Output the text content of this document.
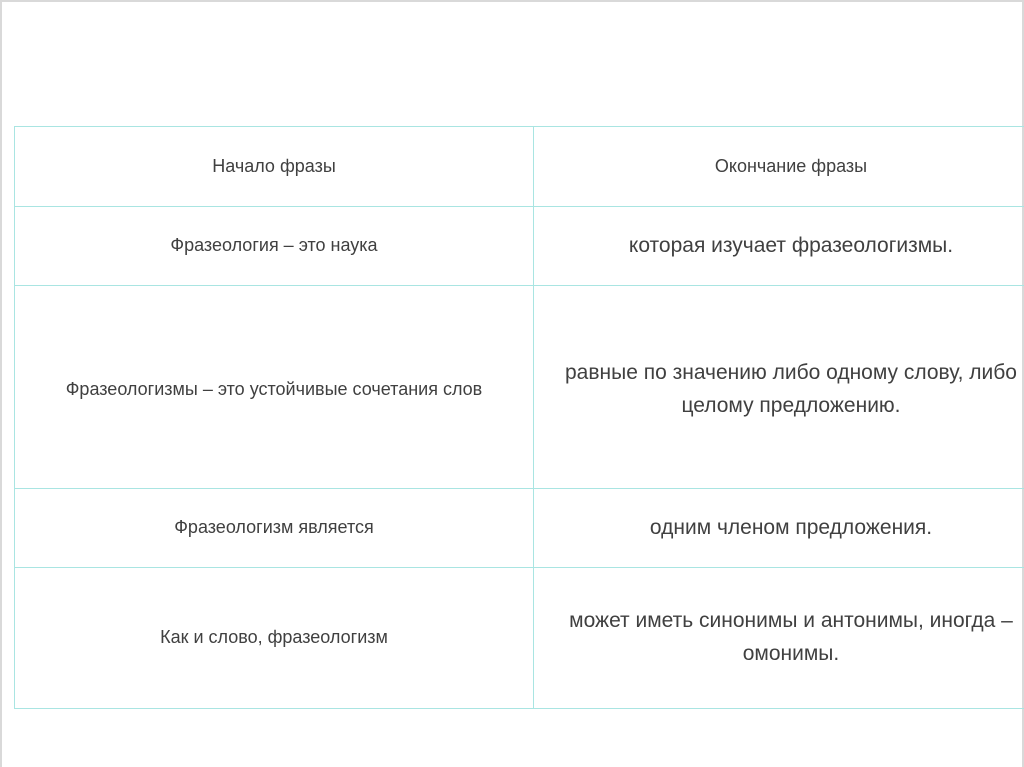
Начало фразы	Окончание фразы
Фразеология – это наука	которая изучает фразеологизмы.
Фразеологизмы – это устойчивые сочетания слов	равные по значению либо одному слову, либо целому предложению.
Фразеологизм является	одним членом предложения.
Как и слово, фразеологизм	может иметь синонимы и антонимы, иногда – омонимы.
